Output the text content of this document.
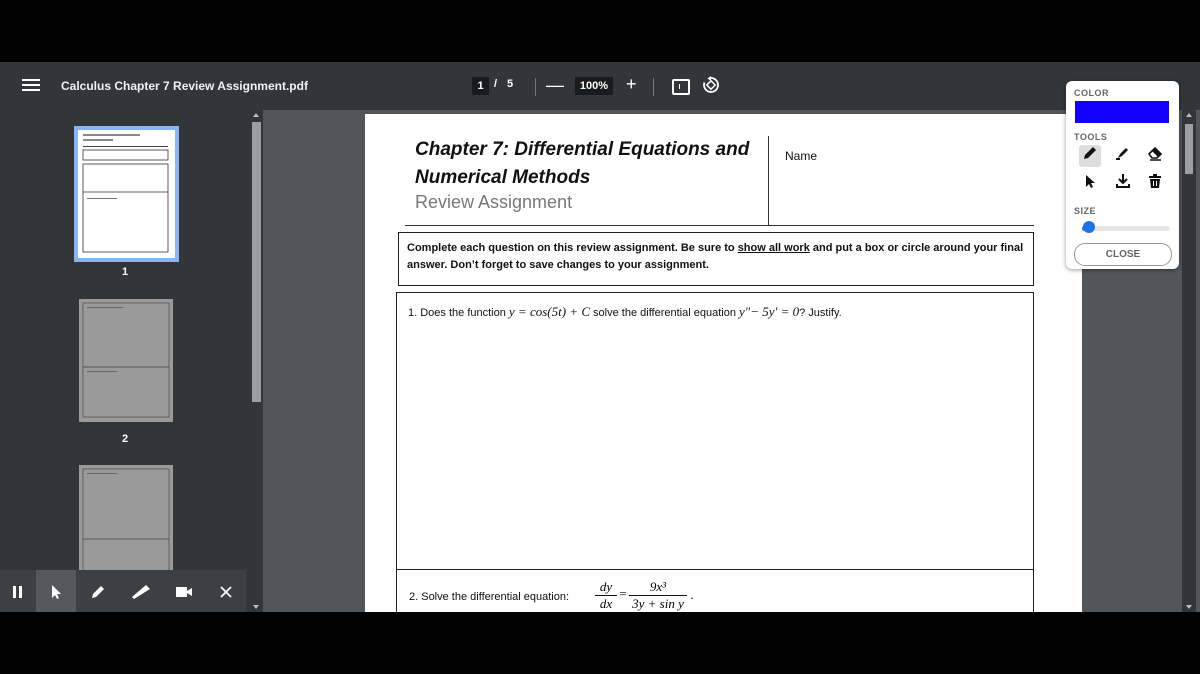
Calculus Chapter 7 Review Assignment.pdf	1 / 5 —	100% +
1
2
Chapter 7: Differential Equations and
Numerical Methods
Review Assignment
Name
Complete each question on this review assignment. Be sure to show all work and put a box or circle around your final answer. Don’t forget to save changes to your assignment.
1. Does the function y = cos(5t) + C solve the differential equation y″− 5y′ = 0? Justify.
2. Solve the differential equation: $\frac{dy}{dx} = \frac{\text{9x³}}{\text{3y + sin y}}$ .
COLOR
TOOLS
SIZE
CLOSE
